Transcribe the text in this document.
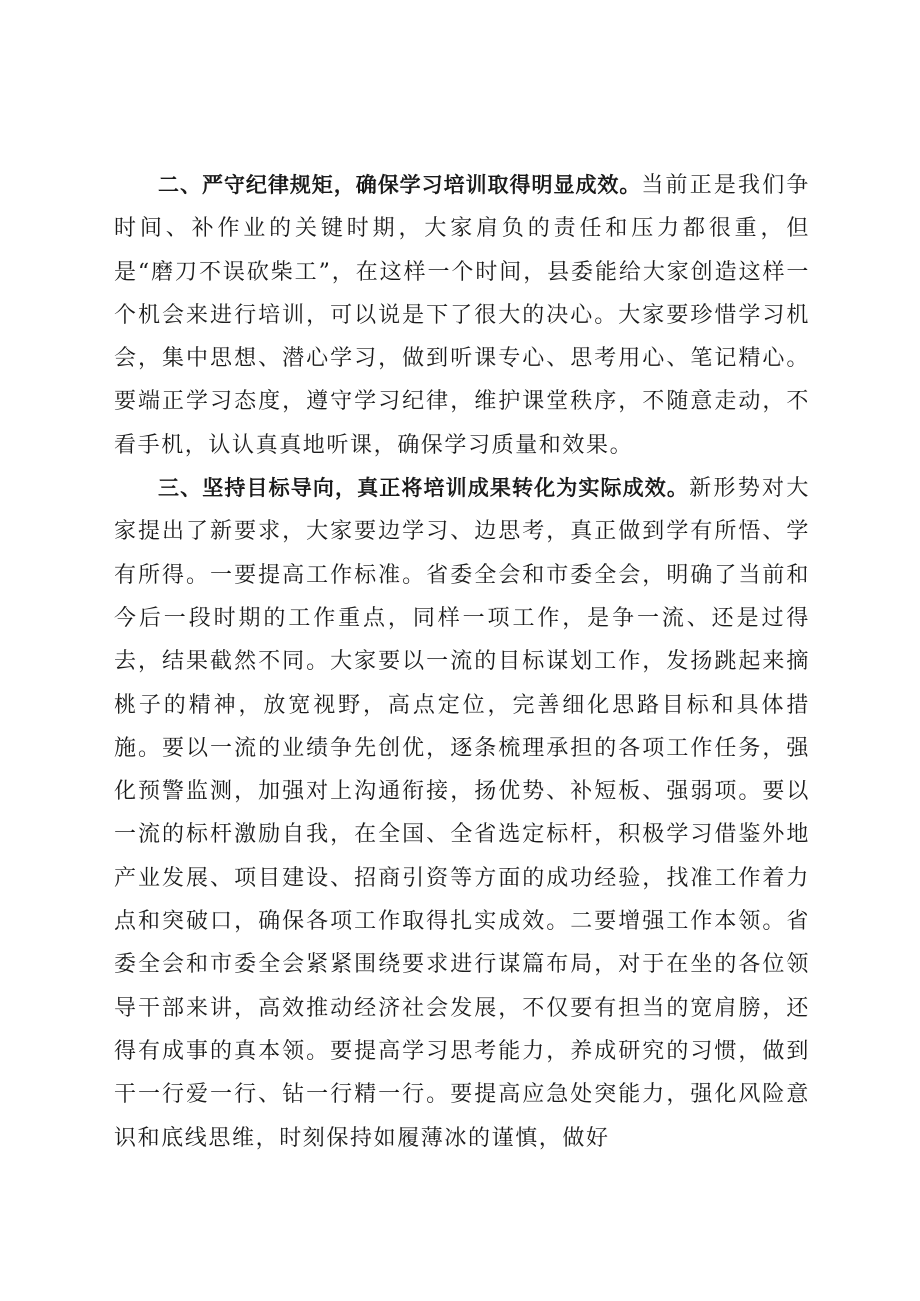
二、严守纪律规矩，确保学习培训取得明显成效。当前正是我们争时间、补作业的关键时期，大家肩负的责任和压力都很重，但是“磨刀不误砍柴工”，在这样一个时间，县委能给大家创造这样一个机会来进行培训，可以说是下了很大的决心。大家要珍惜学习机会，集中思想、潜心学习，做到听课专心、思考用心、笔记精心。要端正学习态度，遵守学习纪律，维护课堂秩序，不随意走动，不看手机，认认真真地听课，确保学习质量和效果。

三、坚持目标导向，真正将培训成果转化为实际成效。新形势对大家提出了新要求，大家要边学习、边思考，真正做到学有所悟、学有所得。一要提高工作标准。省委全会和市委全会，明确了当前和今后一段时期的工作重点，同样一项工作，是争一流、还是过得去，结果截然不同。大家要以一流的目标谋划工作，发扬跳起来摘桃子的精神，放宽视野，高点定位，完善细化思路目标和具体措施。要以一流的业绩争先创优，逐条梳理承担的各项工作任务，强化预警监测，加强对上沟通衔接，扬优势、补短板、强弱项。要以一流的标杆激励自我，在全国、全省选定标杆，积极学习借鉴外地产业发展、项目建设、招商引资等方面的成功经验，找准工作着力点和突破口，确保各项工作取得扎实成效。二要增强工作本领。省委全会和市委全会紧紧围绕要求进行谋篇布局，对于在坐的各位领导干部来讲，高效推动经济社会发展，不仅要有担当的宽肩膀，还得有成事的真本领。要提高学习思考能力，养成研究的习惯，做到干一行爱一行、钻一行精一行。要提高应急处突能力，强化风险意识和底线思维，时刻保持如履薄冰的谨慎，做好
